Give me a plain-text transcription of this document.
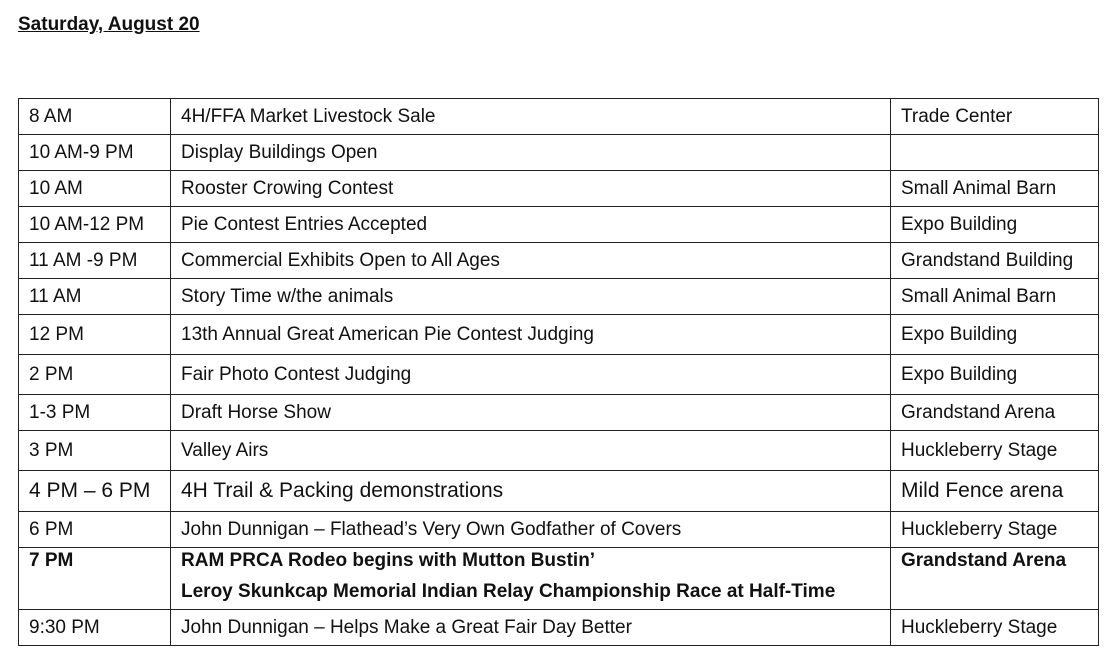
Saturday, August 20
8 AM	4H/FFA Market Livestock Sale	Trade Center
10 AM-9 PM	Display Buildings Open	
10 AM	Rooster Crowing Contest	Small Animal Barn
10 AM-12 PM	Pie Contest Entries Accepted	Expo Building
11 AM -9 PM	Commercial Exhibits Open to All Ages	Grandstand Building
11 AM	Story Time w/the animals	Small Animal Barn
12 PM	13th Annual Great American Pie Contest Judging	Expo Building
2 PM	Fair Photo Contest Judging	Expo Building
1-3 PM	Draft Horse Show	Grandstand Arena
3 PM	Valley Airs	Huckleberry Stage
4 PM – 6 PM	4H Trail & Packing demonstrations	Mild Fence arena
6 PM	John Dunnigan – Flathead’s Very Own Godfather of Covers	Huckleberry Stage
7 PM	RAM PRCA Rodeo begins with Mutton Bustin’
Leroy Skunkcap Memorial Indian Relay Championship Race at Half-Time	Grandstand Arena
9:30 PM	John Dunnigan – Helps Make a Great Fair Day Better	Huckleberry Stage
